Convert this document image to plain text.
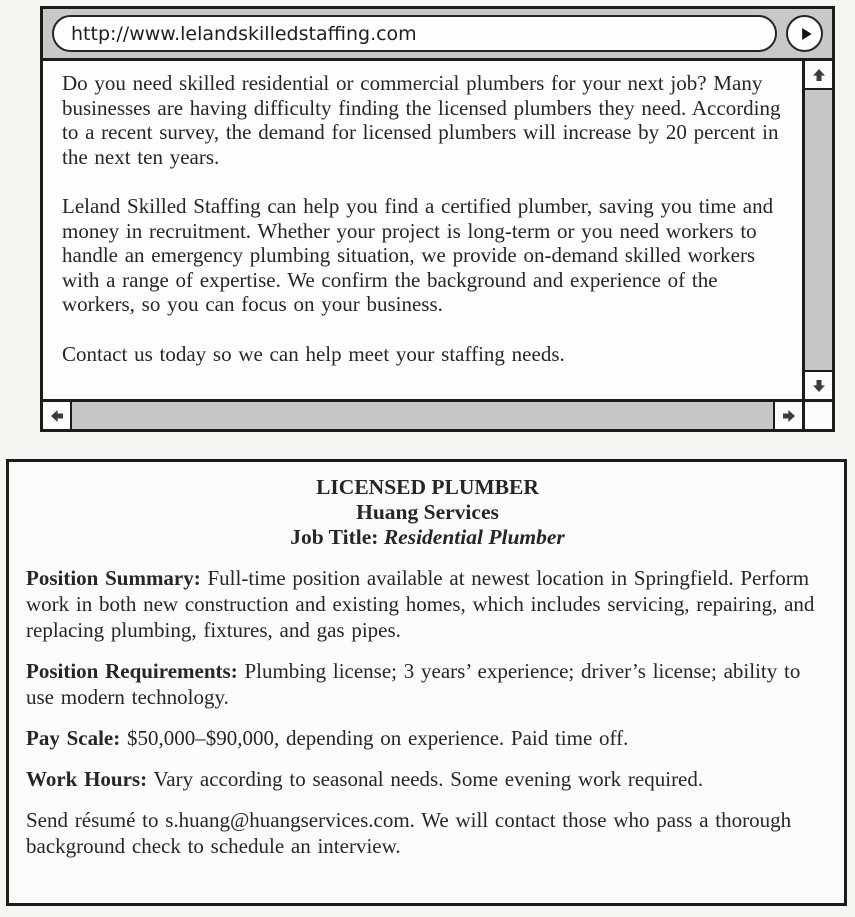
http://www.lelandskilledstaffing.com

Do you need skilled residential or commercial plumbers for your next job? Many businesses are having difficulty finding the licensed plumbers they need. According to a recent survey, the demand for licensed plumbers will increase by 20 percent in the next ten years.

Leland Skilled Staffing can help you find a certified plumber, saving you time and money in recruitment. Whether your project is long-term or you need workers to handle an emergency plumbing situation, we provide on-demand skilled workers with a range of expertise. We confirm the background and experience of the workers, so you can focus on your business.

Contact us today so we can help meet your staffing needs.

LICENSED PLUMBER
Huang Services
Job Title: Residential Plumber

Position Summary: Full-time position available at newest location in Springfield. Perform work in both new construction and existing homes, which includes servicing, repairing, and replacing plumbing, fixtures, and gas pipes.

Position Requirements: Plumbing license; 3 years’ experience; driver’s license; ability to use modern technology.

Pay Scale: $50,000–$90,000, depending on experience. Paid time off.

Work Hours: Vary according to seasonal needs. Some evening work required.

Send résumé to s.huang@huangservices.com. We will contact those who pass a thorough background check to schedule an interview.
